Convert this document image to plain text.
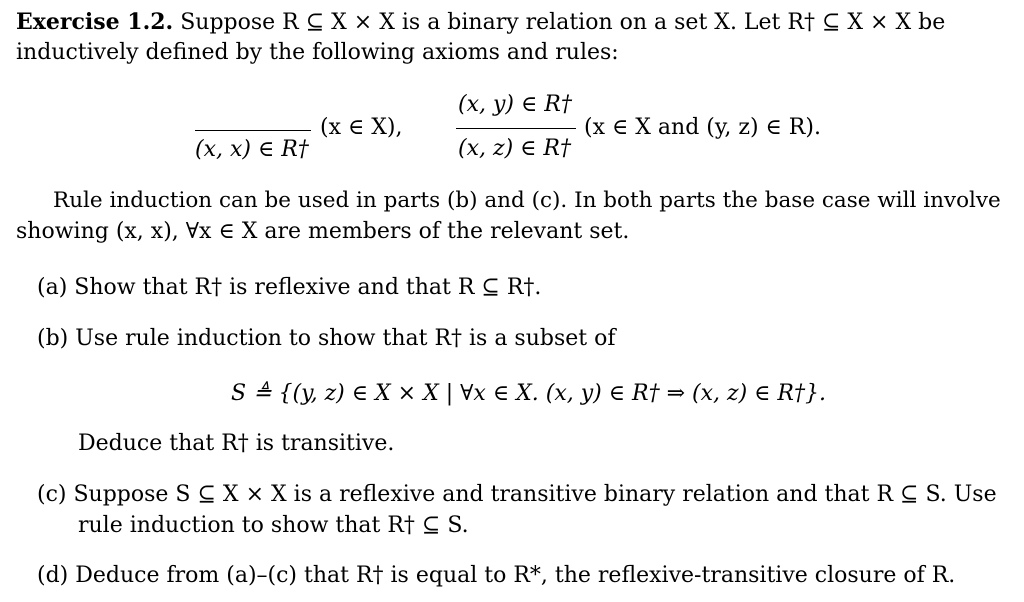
Exercise 1.2. Suppose R ⊆ X × X is a binary relation on a set X. Let R† ⊆ X × X be
inductively defined by the following axioms and rules:
(x, x) ∈ R†
(x ∈ X),
(x, y) ∈ R†
(x, z) ∈ R†
(x ∈ X and (y, z) ∈ R).
Rule induction can be used in parts (b) and (c). In both parts the base case will involve
showing (x, x), ∀x ∈ X are members of the relevant set.
(a) Show that R† is reflexive and that R ⊆ R†.
(b) Use rule induction to show that R† is a subset of
S ≜ {(y, z) ∈ X × X | ∀x ∈ X. (x, y) ∈ R† ⇒ (x, z) ∈ R†}.
Deduce that R† is transitive.
(c) Suppose S ⊆ X × X is a reflexive and transitive binary relation and that R ⊆ S. Use
rule induction to show that R† ⊆ S.
(d) Deduce from (a)–(c) that R† is equal to R*, the reflexive-transitive closure of R.
